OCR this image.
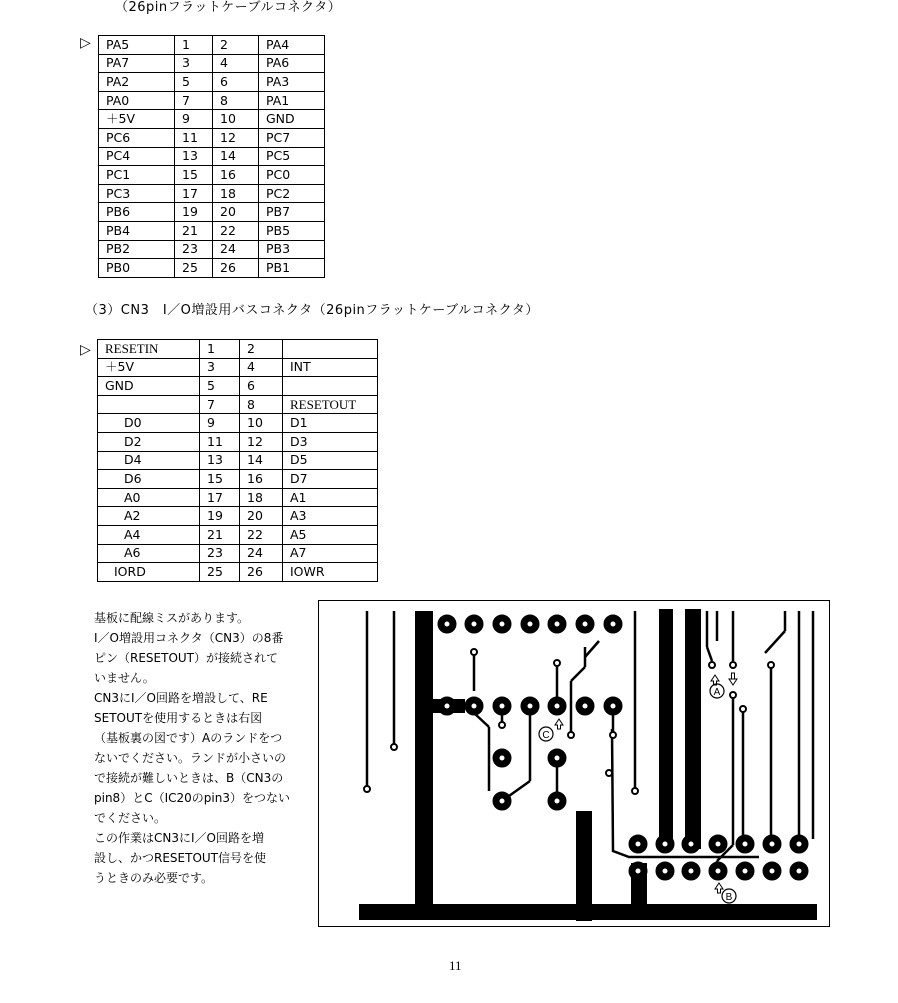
（26pinフラットケーブルコネクタ）
▷ PA5	1	2	PA4
PA7	3	4	PA6
PA2	5	6	PA3
PA0	7	8	PA1
＋5V	9	10	GND
PC6	11	12	PC7
PC4	13	14	PC5
PC1	15	16	PC0
PC3	17	18	PC2
PB6	19	20	PB7
PB4	21	22	PB5
PB2	23	24	PB3
PB0	25	26	PB1
（3）CN3　I／O増設用バスコネクタ（26pinフラットケーブルコネクタ）
▷ RESETIN	1	2	
＋5V	3	4	INT
GND	5	6	
	7	8	RESETOUT
D0	9	10	D1
D2	11	12	D3
D4	13	14	D5
D6	15	16	D7
A0	17	18	A1
A2	19	20	A3
A4	21	22	A5
A6	23	24	A7
IORD	25	26	IOWR
基板に配線ミスがあります。
I／O増設用コネクタ（CN3）の8番
ピン（RESETOUT）が接続されて
いません。
CN3にI／O回路を増設して、RE
SETOUTを使用するときは右図
（基板裏の図です）Aのランドをつ
ないでください。ランドが小さいの
で接続が難しいときは、B（CN3の
pin8）とC（IC20のpin3）をつない
でください。
この作業はCN3にI／O回路を増
設し、かつRESETOUT信号を使
うときのみ必要です。
C
A
B
11
